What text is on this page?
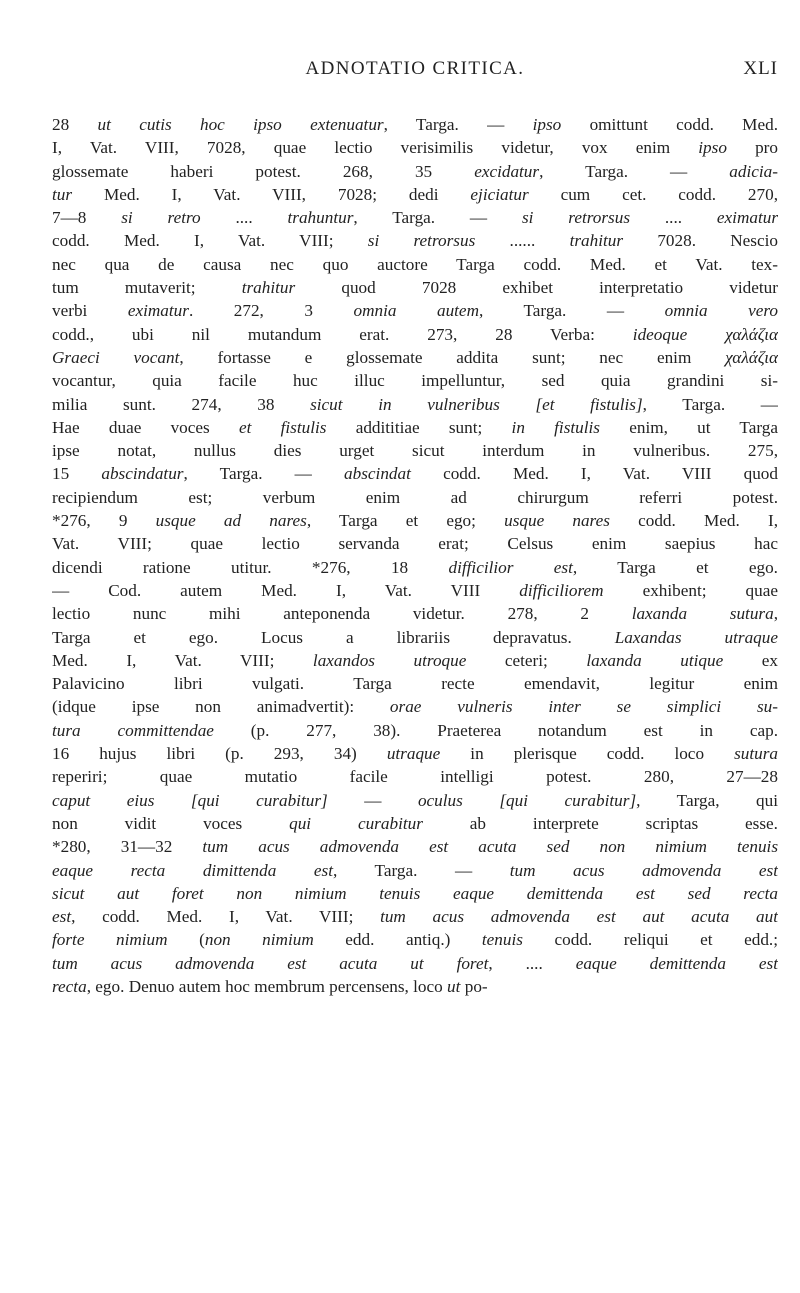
ADNOTATIO CRITICA.	XLI
28 ut cutis hoc ipso extenuatur, Targa. — ipso omittunt codd. Med.
I, Vat. VIII, 7028, quae lectio verisimilis videtur, vox enim ipso pro
glossemate haberi potest. 268, 35 excidatur, Targa. — adicia-
tur Med. I, Vat. VIII, 7028; dedi ejiciatur cum cet. codd. 270,
7—8 si retro .... trahuntur, Targa. — si retrorsus .... eximatur
codd. Med. I, Vat. VIII; si retrorsus ...... trahitur 7028. Nescio
nec qua de causa nec quo auctore Targa codd. Med. et Vat. tex-
tum mutaverit; trahitur quod 7028 exhibet interpretatio videtur
verbi eximatur. 272, 3 omnia autem, Targa. — omnia vero
codd., ubi nil mutandum erat. 273, 28 Verba: ideoque χαλάζια
Graeci vocant, fortasse e glossemate addita sunt; nec enim χαλάζια
vocantur, quia facile huc illuc impelluntur, sed quia grandini si-
milia sunt. 274, 38 sicut in vulneribus [et fistulis], Targa. —
Hae duae voces et fistulis addititiae sunt; in fistulis enim, ut Targa
ipse notat, nullus dies urget sicut interdum in vulneribus. 275,
15 abscindatur, Targa. — abscindat codd. Med. I, Vat. VIII quod
recipiendum est; verbum enim ad chirurgum referri potest.
*276, 9 usque ad nares, Targa et ego; usque nares codd. Med. I,
Vat. VIII; quae lectio servanda erat; Celsus enim saepius hac
dicendi ratione utitur. *276, 18 difficilior est, Targa et ego.
— Cod. autem Med. I, Vat. VIII difficiliorem exhibent; quae
lectio nunc mihi anteponenda videtur. 278, 2 laxanda sutura,
Targa et ego. Locus a librariis depravatus. Laxandas utraque
Med. I, Vat. VIII; laxandos utroque ceteri; laxanda utique ex
Palavicino libri vulgati. Targa recte emendavit, legitur enim
(idque ipse non animadvertit): orae vulneris inter se simplici su-
tura committendae (p. 277, 38). Praeterea notandum est in cap.
16 hujus libri (p. 293, 34) utraque in plerisque codd. loco sutura
reperiri; quae mutatio facile intelligi potest. 280, 27—28
caput eius [qui curabitur] — oculus [qui curabitur], Targa, qui
non vidit voces qui curabitur ab interprete scriptas esse.
*280, 31—32 tum acus admovenda est acuta sed non nimium tenuis
eaque recta dimittenda est, Targa. — tum acus admovenda est
sicut aut foret non nimium tenuis eaque demittenda est sed recta
est, codd. Med. I, Vat. VIII; tum acus admovenda est aut acuta aut
forte nimium (non nimium edd. antiq.) tenuis codd. reliqui et edd.;
tum acus admovenda est acuta ut foret, .... eaque demittenda est
recta, ego. Denuo autem hoc membrum percensens, loco ut po-
